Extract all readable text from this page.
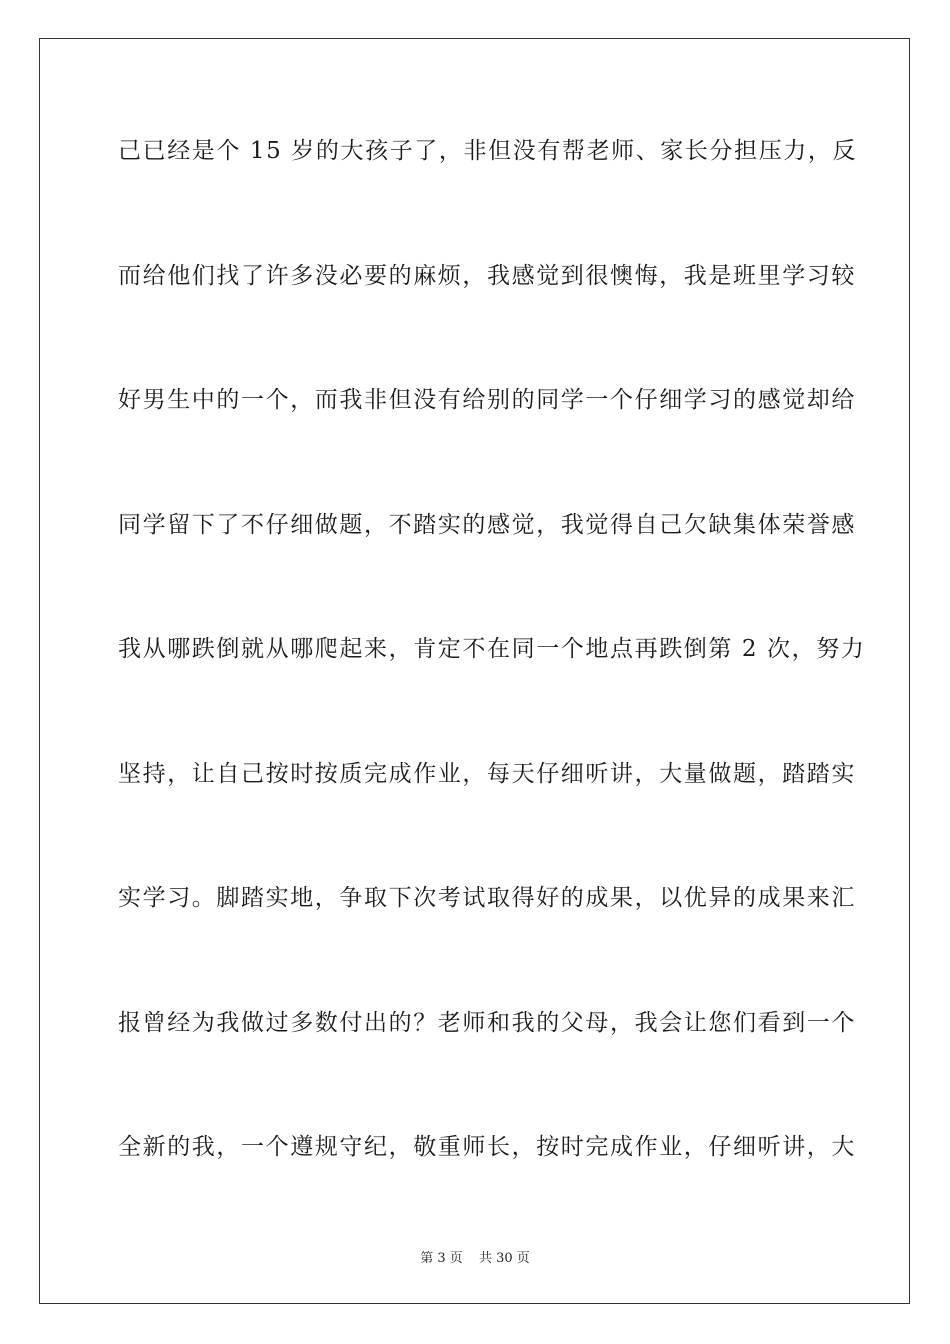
己已经是个 15 岁的大孩子了，非但没有帮老师、家长分担压力，反

而给他们找了许多没必要的麻烦，我感觉到很懊悔，我是班里学习较

好男生中的一个，而我非但没有给别的同学一个仔细学习的感觉却给

同学留下了不仔细做题，不踏实的感觉，我觉得自己欠缺集体荣誉感

我从哪跌倒就从哪爬起来，肯定不在同一个地点再跌倒第 2 次，努力

坚持，让自己按时按质完成作业，每天仔细听讲，大量做题，踏踏实

实学习。脚踏实地，争取下次考试取得好的成果，以优异的成果来汇

报曾经为我做过多数付出的？老师和我的父母，我会让您们看到一个

全新的我，一个遵规守纪，敬重师长，按时完成作业，仔细听讲，大

第 3 页 共 30 页
